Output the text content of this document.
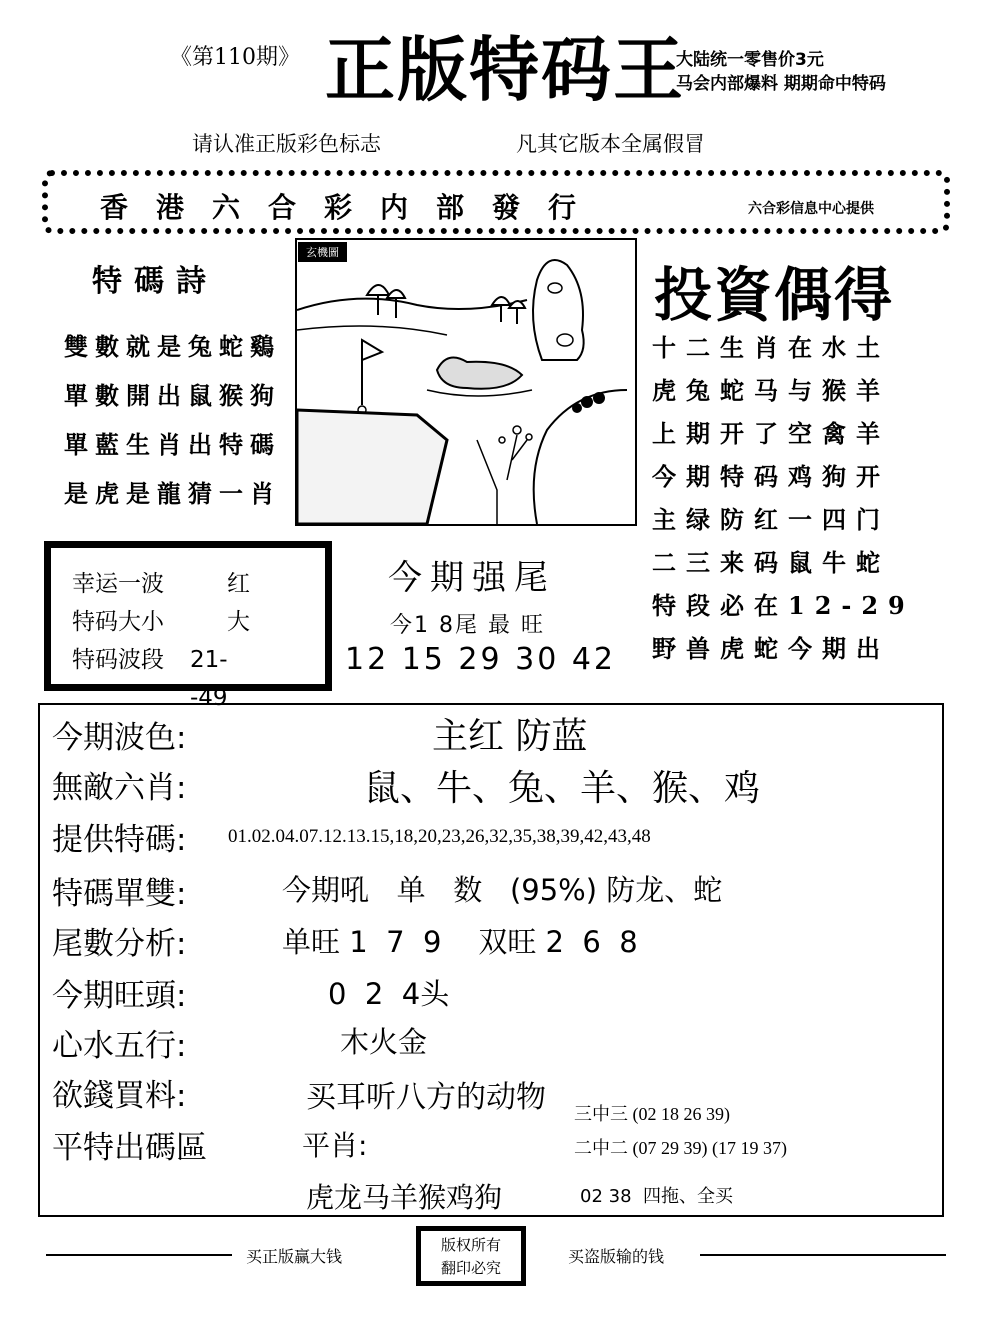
《第110期》 正版特码王
大陆统一零售价3元
马会内部爆料 期期命中特码
请认准正版彩色标志	凡其它版本全属假冒
香港六合彩内部發行	六合彩信息中心提供
特碼詩
雙數就是兔蛇鷄
單數開出鼠猴狗
單藍生肖出特碼
是虎是龍猜一肖
玄機圖
投資偶得
十二生肖在水土
虎兔蛇马与猴羊
上期开了空禽羊
今期特码鸡狗开
主绿防红一四门
二三来码鼠牛蛇
特段必在12-29
野兽虎蛇今期出
幸运一波	红
特码大小	大
特码波段 21--49
今期强尾
今1 8尾 最 旺
12 15 29 30 42
今期波色:	主红 防蓝
無敵六肖:	鼠、牛、兔、羊、猴、鸡
提供特碼: 01.02.04.07.12.13.15,18,20,23,26,32,35,38,39,42,43,48
特碼單雙:	今期吼   单   数   (95%) 防龙、蛇
尾數分析:	单旺 1  7  9    双旺 2  6  8
今期旺頭:	0  2  4头
心水五行:	木火金
欲錢買料:	买耳听八方的动物
平特出碼區	平肖:
虎龙马羊猴鸡狗
三中三 (02 18 26 39)
二中二 (07 29 39) (17 19 37)
02 38  四拖、全买
买正版赢大钱
版权所有
翻印必究
买盗版输的钱
